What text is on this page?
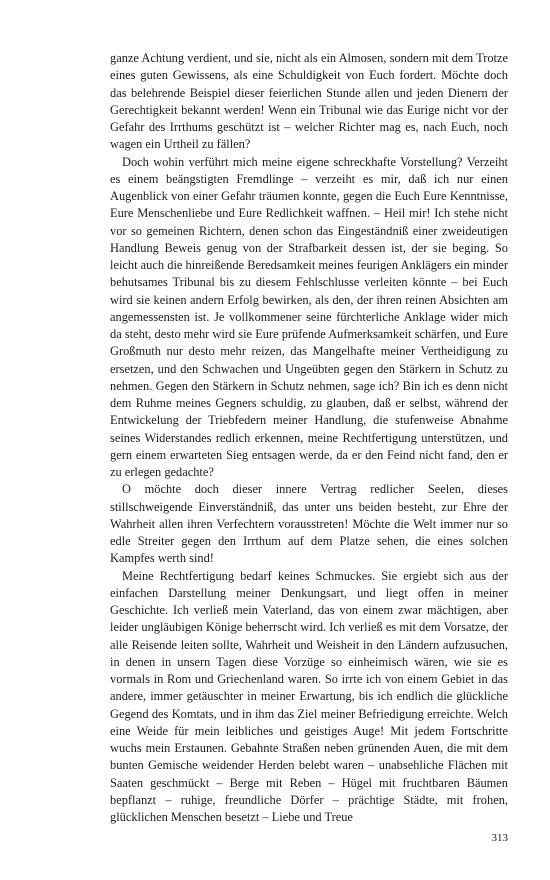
ganze Achtung verdient, und sie, nicht als ein Almosen, sondern mit dem Trotze eines guten Gewissens, als eine Schuldigkeit von Euch fordert. Möchte doch das belehrende Beispiel dieser feierlichen Stunde allen und jeden Dienern der Gerechtigkeit bekannt werden! Wenn ein Tribunal wie das Eurige nicht vor der Gefahr des Irrthums geschützt ist – welcher Richter mag es, nach Euch, noch wagen ein Urtheil zu fällen?

Doch wohin verführt mich meine eigene schreckhafte Vorstellung? Verzeiht es einem beängstigten Fremdlinge – verzeiht es mir, daß ich nur einen Augenblick von einer Gefahr träumen konnte, gegen die Euch Eure Kenntnisse, Eure Menschenliebe und Eure Redlichkeit waffnen. – Heil mir! Ich stehe nicht vor so gemeinen Richtern, denen schon das Eingeständniß einer zweideutigen Handlung Beweis genug von der Strafbarkeit dessen ist, der sie beging. So leicht auch die hinreißende Beredsamkeit meines feurigen Anklägers ein minder behutsames Tribunal bis zu diesem Fehlschlusse verleiten könnte – bei Euch wird sie keinen andern Erfolg bewirken, als den, der ihren reinen Absichten am angemessensten ist. Je vollkommener seine fürchterliche Anklage wider mich da steht, desto mehr wird sie Eure prüfende Aufmerksamkeit schärfen, und Eure Großmuth nur desto mehr reizen, das Mangelhafte meiner Vertheidigung zu ersetzen, und den Schwachen und Ungeübten gegen den Stärkern in Schutz zu nehmen. Gegen den Stärkern in Schutz nehmen, sage ich? Bin ich es denn nicht dem Ruhme meines Gegners schuldig, zu glauben, daß er selbst, während der Entwickelung der Triebfedern meiner Handlung, die stufenweise Abnahme seines Widerstandes redlich erkennen, meine Rechtfertigung unterstützen, und gern einem erwarteten Sieg entsagen werde, da er den Feind nicht fand, den er zu erlegen gedachte?

O möchte doch dieser innere Vertrag redlicher Seelen, dieses stillschweigende Einverständniß, das unter uns beiden besteht, zur Ehre der Wahrheit allen ihren Verfechtern vorausstreten! Möchte die Welt immer nur so edle Streiter gegen den Irrthum auf dem Platze sehen, die eines solchen Kampfes werth sind!

Meine Rechtfertigung bedarf keines Schmuckes. Sie ergiebt sich aus der einfachen Darstellung meiner Denkungsart, und liegt offen in meiner Geschichte. Ich verließ mein Vaterland, das von einem zwar mächtigen, aber leider ungläubigen Könige beherrscht wird. Ich verließ es mit dem Vorsatze, der alle Reisende leiten sollte, Wahrheit und Weisheit in den Ländern aufzusuchen, in denen in unsern Tagen diese Vorzüge so einheimisch wären, wie sie es vormals in Rom und Griechenland waren. So irrte ich von einem Gebiet in das andere, immer getäuschter in meiner Erwartung, bis ich endlich die glückliche Gegend des Komtats, und in ihm das Ziel meiner Befriedigung erreichte. Welch eine Weide für mein leibliches und geistiges Auge! Mit jedem Fortschritte wuchs mein Erstaunen. Gebahnte Straßen neben grünenden Auen, die mit dem bunten Gemische weidender Herden belebt waren – unabsehliche Flächen mit Saaten geschmückt – Berge mit Reben – Hügel mit fruchtbaren Bäumen bepflanzt – ruhige, freundliche Dörfer – prächtige Städte, mit frohen, glücklichen Menschen besetzt – Liebe und Treue

313
